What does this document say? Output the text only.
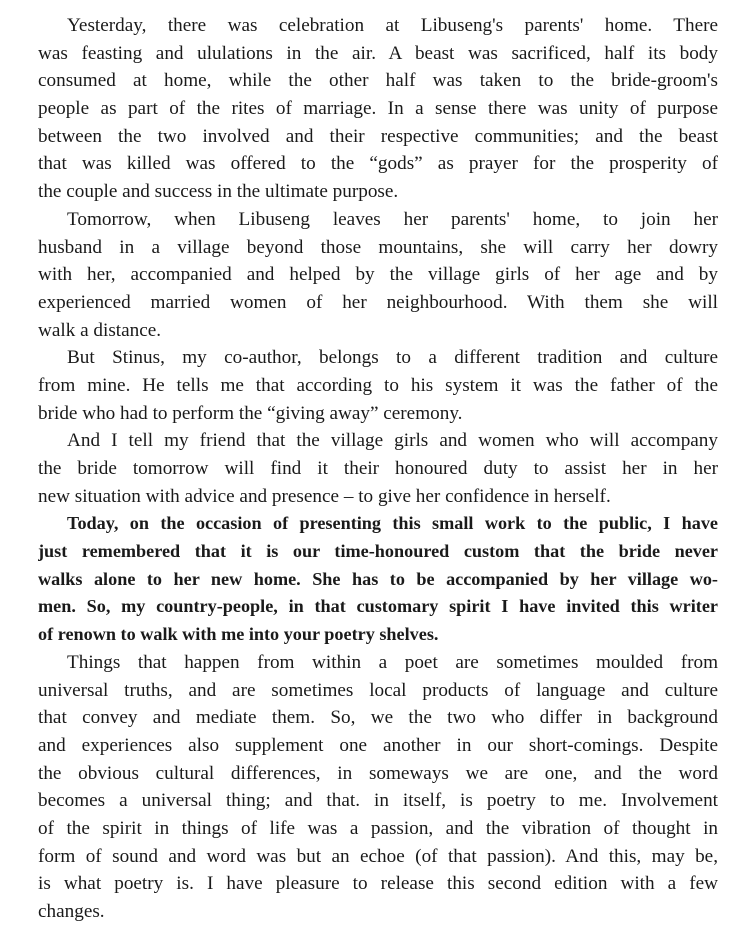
Yesterday, there was celebration at Libuseng's parents' home. There
was feasting and ululations in the air. A beast was sacrificed, half its body
consumed at home, while the other half was taken to the bride-groom's
people as part of the rites of marriage. In a sense there was unity of purpose
between the two involved and their respective communities; and the beast
that was killed was offered to the “gods” as prayer for the prosperity of
the couple and success in the ultimate purpose.
Tomorrow, when Libuseng leaves her parents' home, to join her
husband in a village beyond those mountains, she will carry her dowry
with her, accompanied and helped by the village girls of her age and by
experienced married women of her neighbourhood. With them she will
walk a distance.
But Stinus, my co-author, belongs to a different tradition and culture
from mine. He tells me that according to his system it was the father of the
bride who had to perform the “giving away” ceremony.
And I tell my friend that the village girls and women who will accompany
the bride tomorrow will find it their honoured duty to assist her in her
new situation with advice and presence – to give her confidence in herself.
Today, on the occasion of presenting this small work to the public, I have
just remembered that it is our time-honoured custom that the bride never
walks alone to her new home. She has to be accompanied by her village wo-
men. So, my country-people, in that customary spirit I have invited this writer
of renown to walk with me into your poetry shelves.
Things that happen from within a poet are sometimes moulded from
universal truths, and are sometimes local products of language and culture
that convey and mediate them. So, we the two who differ in background
and experiences also supplement one another in our short-comings. Despite
the obvious cultural differences, in someways we are one, and the word
becomes a universal thing; and that. in itself, is poetry to me. Involvement
of the spirit in things of life was a passion, and the vibration of thought in
form of sound and word was but an echoe (of that passion). And this, may be,
is what poetry is. I have pleasure to release this second edition with a few
changes.
